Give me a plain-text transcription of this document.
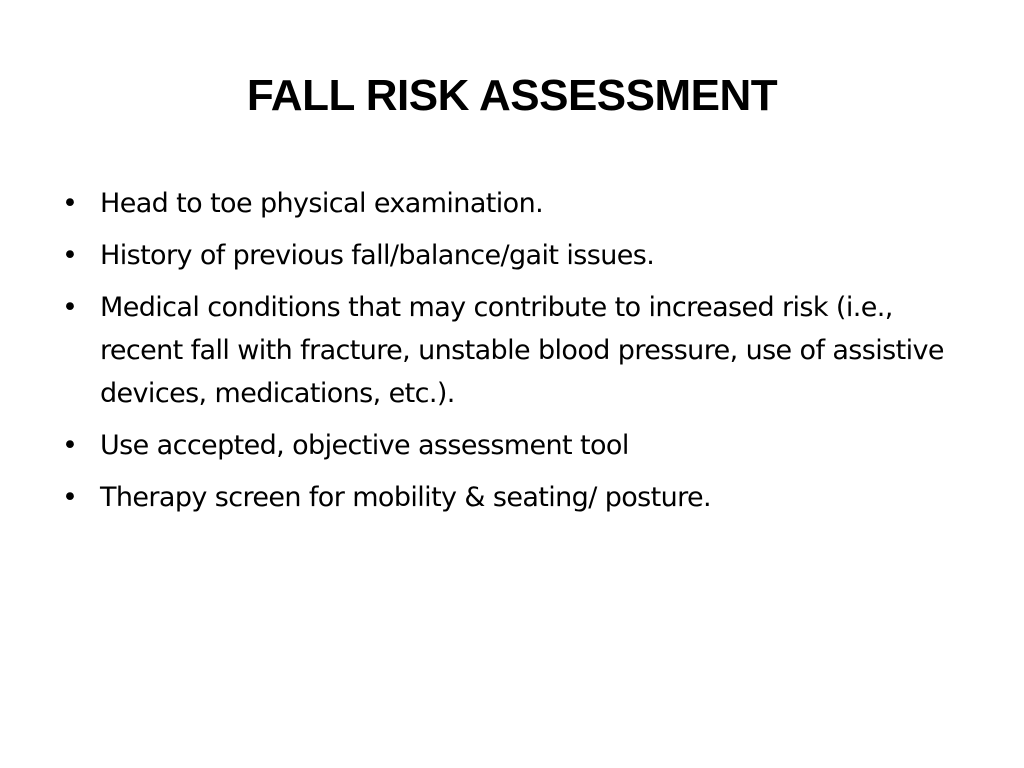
FALL RISK ASSESSMENT
• Head to toe physical examination.
• History of previous fall/balance/gait issues.
• Medical conditions that may contribute to increased risk (i.e., recent fall with fracture, unstable blood pressure, use of assistive devices, medications, etc.).
• Use accepted, objective assessment tool
• Therapy screen for mobility & seating/ posture.
